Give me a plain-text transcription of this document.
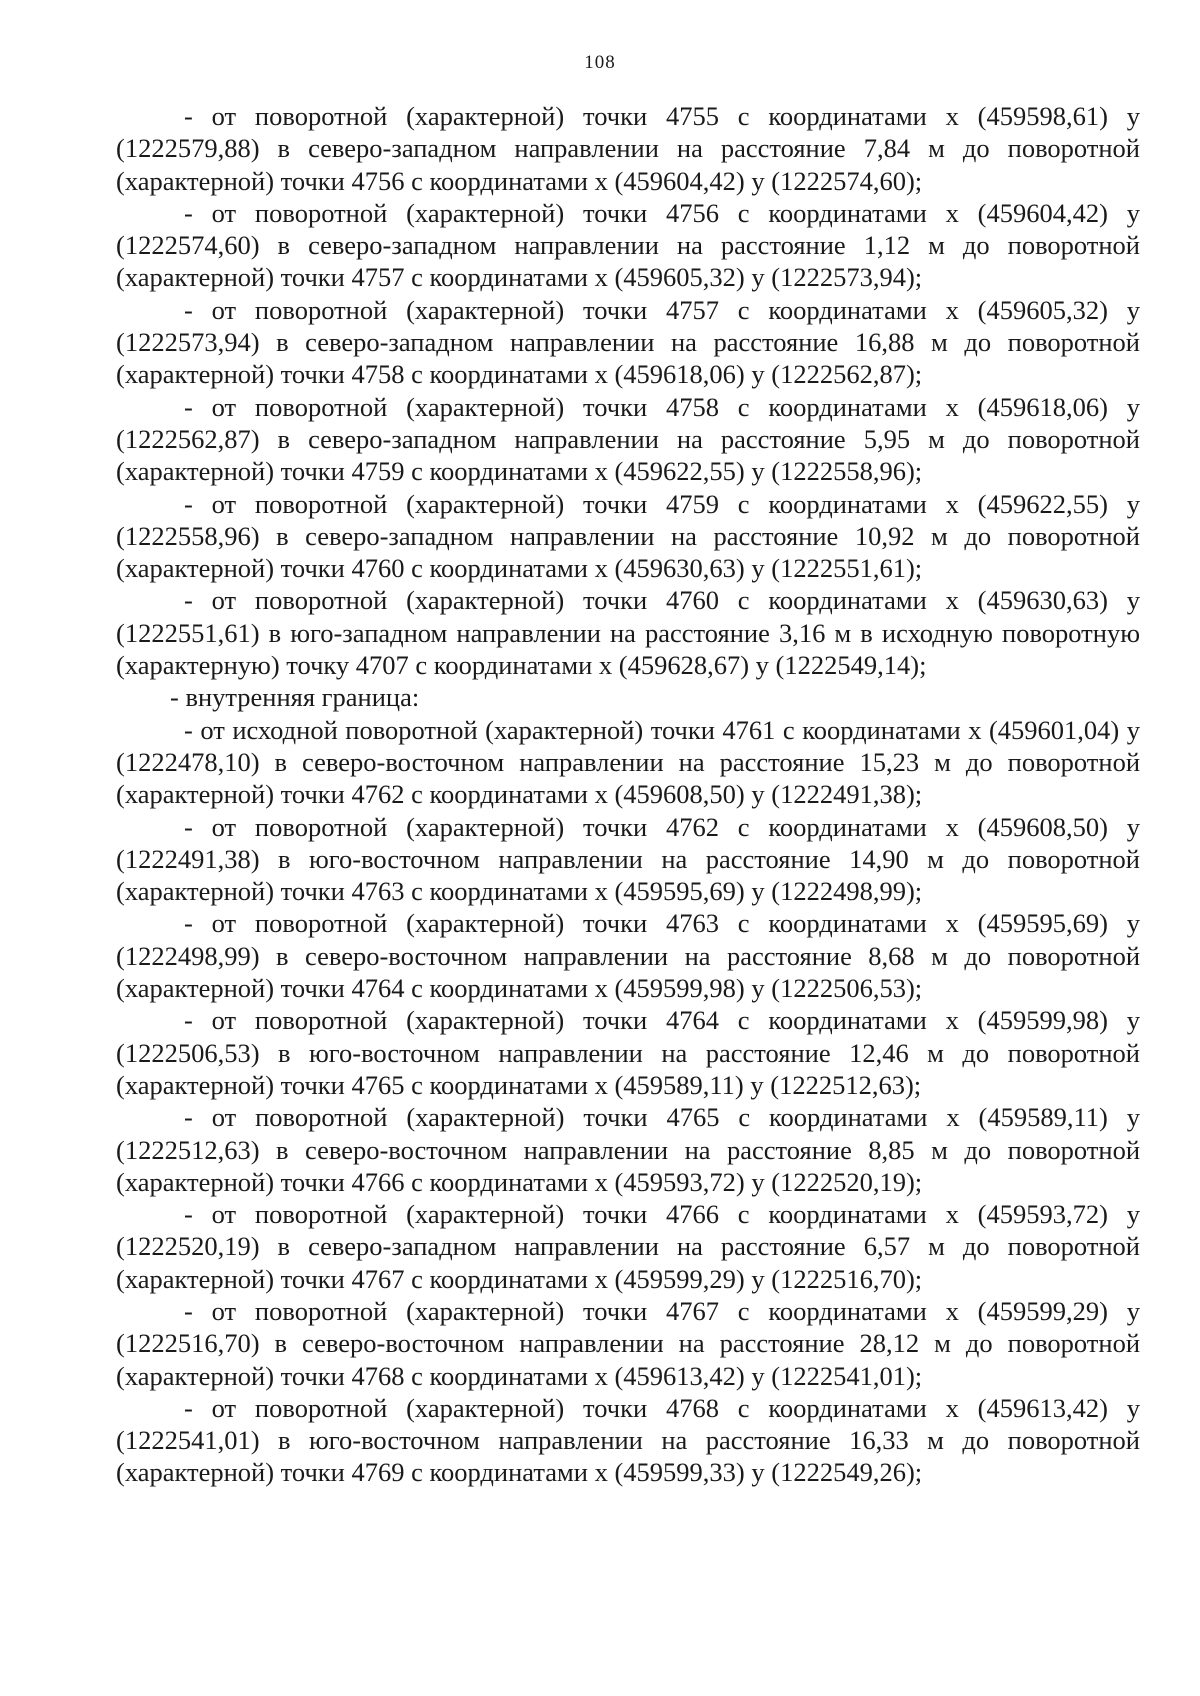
108

- от поворотной (характерной) точки 4755 с координатами х (459598,61) у (1222579,88) в северо-западном направлении на расстояние 7,84 м до поворотной (характерной) точки 4756 с координатами х (459604,42) у (1222574,60);

- от поворотной (характерной) точки 4756 с координатами х (459604,42) у (1222574,60) в северо-западном направлении на расстояние 1,12 м до поворотной (характерной) точки 4757 с координатами х (459605,32) у (1222573,94);

- от поворотной (характерной) точки 4757 с координатами х (459605,32) у (1222573,94) в северо-западном направлении на расстояние 16,88 м до поворотной (характерной) точки 4758 с координатами х (459618,06) у (1222562,87);

- от поворотной (характерной) точки 4758 с координатами х (459618,06) у (1222562,87) в северо-западном направлении на расстояние 5,95 м до поворотной (характерной) точки 4759 с координатами х (459622,55) у (1222558,96);

- от поворотной (характерной) точки 4759 с координатами х (459622,55) у (1222558,96) в северо-западном направлении на расстояние 10,92 м до поворотной (характерной) точки 4760 с координатами х (459630,63) у (1222551,61);

- от поворотной (характерной) точки 4760 с координатами х (459630,63) у (1222551,61) в юго-западном направлении на расстояние 3,16 м в исходную поворотную (характерную) точку 4707 с координатами х (459628,67) у (1222549,14);

- внутренняя граница:

- от исходной поворотной (характерной) точки 4761 с координатами х (459601,04) у (1222478,10) в северо-восточном направлении на расстояние 15,23 м до поворотной (характерной) точки 4762 с координатами х (459608,50) у (1222491,38);

- от поворотной (характерной) точки 4762 с координатами х (459608,50) у (1222491,38) в юго-восточном направлении на расстояние 14,90 м до поворотной (характерной) точки 4763 с координатами х (459595,69) у (1222498,99);

- от поворотной (характерной) точки 4763 с координатами х (459595,69) у (1222498,99) в северо-восточном направлении на расстояние 8,68 м до поворотной (характерной) точки 4764 с координатами х (459599,98) у (1222506,53);

- от поворотной (характерной) точки 4764 с координатами х (459599,98) у (1222506,53) в юго-восточном направлении на расстояние 12,46 м до поворотной (характерной) точки 4765 с координатами х (459589,11) у (1222512,63);

- от поворотной (характерной) точки 4765 с координатами х (459589,11) у (1222512,63) в северо-восточном направлении на расстояние 8,85 м до поворотной (характерной) точки 4766 с координатами х (459593,72) у (1222520,19);

- от поворотной (характерной) точки 4766 с координатами х (459593,72) у (1222520,19) в северо-западном направлении на расстояние 6,57 м до поворотной (характерной) точки 4767 с координатами х (459599,29) у (1222516,70);

- от поворотной (характерной) точки 4767 с координатами х (459599,29) у (1222516,70) в северо-восточном направлении на расстояние 28,12 м до поворотной (характерной) точки 4768 с координатами х (459613,42) у (1222541,01);

- от поворотной (характерной) точки 4768 с координатами х (459613,42) у (1222541,01) в юго-восточном направлении на расстояние 16,33 м до поворотной (характерной) точки 4769 с координатами х (459599,33) у (1222549,26);
